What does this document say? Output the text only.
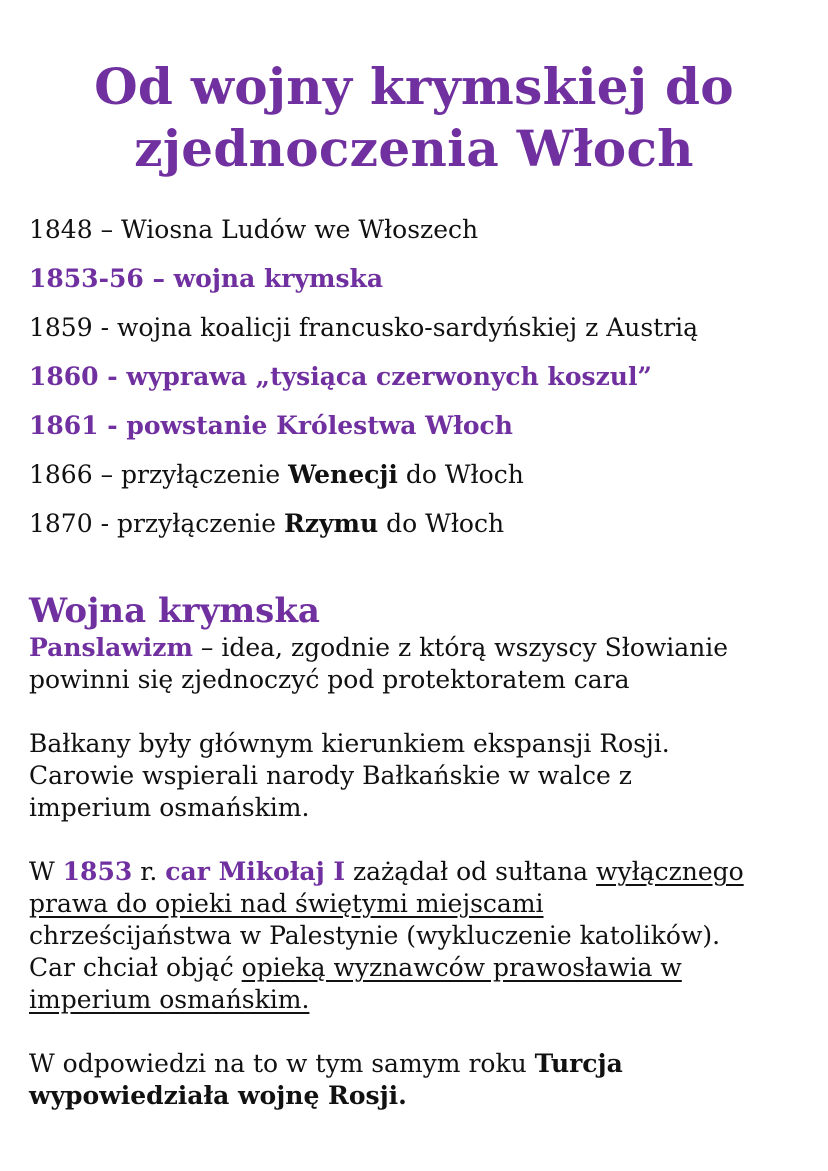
Od wojny krymskiej do
zjednoczenia Włoch
1848 – Wiosna Ludów we Włoszech
1853-56 – wojna krymska
1859 - wojna koalicji francusko-sardyńskiej z Austrią
1860 - wyprawa „tysiąca czerwonych koszul”
1861 - powstanie Królestwa Włoch
1866 – przyłączenie Wenecji do Włoch
1870 - przyłączenie Rzymu do Włoch
Wojna krymska

Panslawizm – idea, zgodnie z którą wszyscy Słowianie
powinni się zjednoczyć pod protektoratem cara

Bałkany były głównym kierunkiem ekspansji Rosji.
Carowie wspierali narody Bałkańskie w walce z
imperium osmańskim.

W 1853 r. car Mikołaj I zażądał od sułtana wyłącznego
prawa do opieki nad świętymi miejscami
chrześcijaństwa w Palestynie (wykluczenie katolików).
Car chciał objąć opieką wyznawców prawosławia w
imperium osmańskim.

W odpowiedzi na to w tym samym roku Turcja
wypowiedziała wojnę Rosji.
